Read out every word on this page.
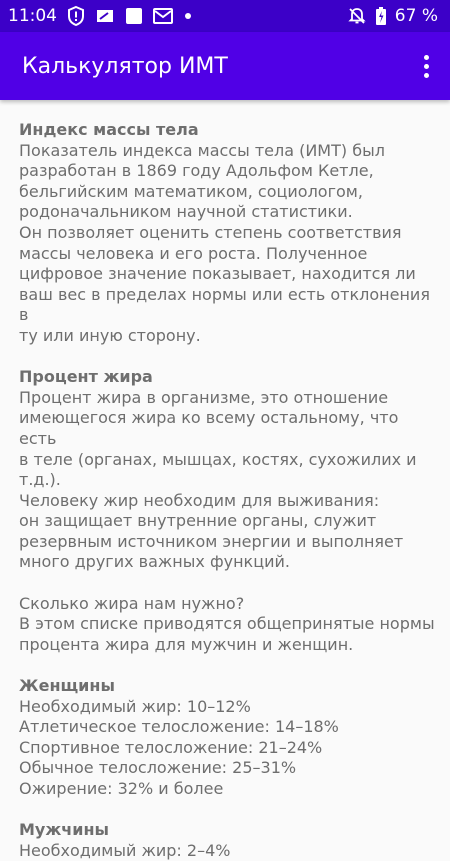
11:04	67 %
Калькулятор ИМТ

Индекс массы тела

Показатель индекса массы тела (ИМТ) был
разработан в 1869 году Адольфом Кетле,
бельгийским математиком, социологом,
родоначальником научной статистики.
Он позволяет оценить степень соответствия
массы человека и его роста. Полученное
цифровое значение показывает, находится ли
ваш вес в пределах нормы или есть отклонения в
ту или иную сторону.

Процент жира

Процент жира в организме, это отношение
имеющегося жира ко всему остальному, что есть
в теле (органах, мышцах, костях, сухожилих и
т.д.).
Человеку жир необходим для выживания:
он защищает внутренние органы, служит
резервным источником энергии и выполняет
много других важных функций.

Сколько жира нам нужно?
В этом списке приводятся общепринятые нормы
процента жира для мужчин и женщин.

Женщины

Необходимый жир: 10–12%

Атлетическое телосложение: 14–18%

Спортивное телосложение: 21–24%

Обычное телосложение: 25–31%

Ожирение: 32% и более

Мужчины

Необходимый жир: 2–4%
